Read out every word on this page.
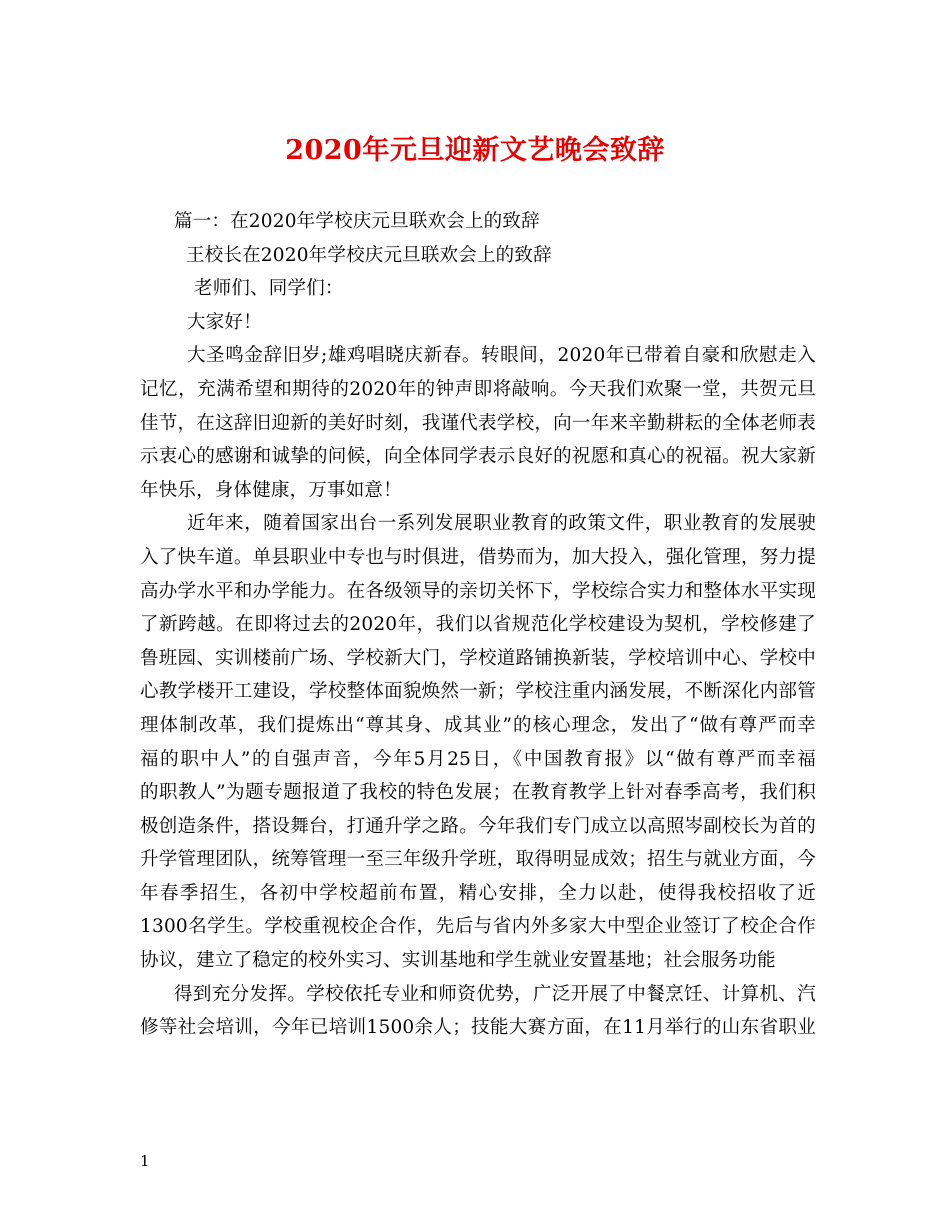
2020年元旦迎新文艺晚会致辞
篇一：在2020年学校庆元旦联欢会上的致辞
王校长在2020年学校庆元旦联欢会上的致辞
老师们、同学们：
大家好！
大圣鸣金辞旧岁;雄鸡唱晓庆新春。转眼间，2020年已带着自豪和欣慰走入
记忆，充满希望和期待的2020年的钟声即将敲响。今天我们欢聚一堂，共贺元旦
佳节，在这辞旧迎新的美好时刻，我谨代表学校，向一年来辛勤耕耘的全体老师表
示衷心的感谢和诚挚的问候，向全体同学表示良好的祝愿和真心的祝福。祝大家新
年快乐，身体健康，万事如意！
近年来，随着国家出台一系列发展职业教育的政策文件，职业教育的发展驶
入了快车道。单县职业中专也与时俱进，借势而为，加大投入，强化管理，努力提
高办学水平和办学能力。在各级领导的亲切关怀下，学校综合实力和整体水平实现
了新跨越。在即将过去的2020年，我们以省规范化学校建设为契机，学校修建了
鲁班园、实训楼前广场、学校新大门，学校道路铺换新装，学校培训中心、学校中
心教学楼开工建设，学校整体面貌焕然一新；学校注重内涵发展，不断深化内部管
理体制改革，我们提炼出“尊其身、成其业”的核心理念，发出了“做有尊严而幸
福的职中人”的自强声音，今年5月25日，《中国教育报》以“做有尊严而幸福
的职教人”为题专题报道了我校的特色发展；在教育教学上针对春季高考，我们积
极创造条件，搭设舞台，打通升学之路。今年我们专门成立以高照岑副校长为首的
升学管理团队，统筹管理一至三年级升学班，取得明显成效；招生与就业方面，今
年春季招生，各初中学校超前布置，精心安排，全力以赴，使得我校招收了近
1300名学生。学校重视校企合作，先后与省内外多家大中型企业签订了校企合作
协议，建立了稳定的校外实习、实训基地和学生就业安置基地；社会服务功能
得到充分发挥。学校依托专业和师资优势，广泛开展了中餐烹饪、计算机、汽
修等社会培训，今年已培训1500余人；技能大赛方面，在11月举行的山东省职业
1
